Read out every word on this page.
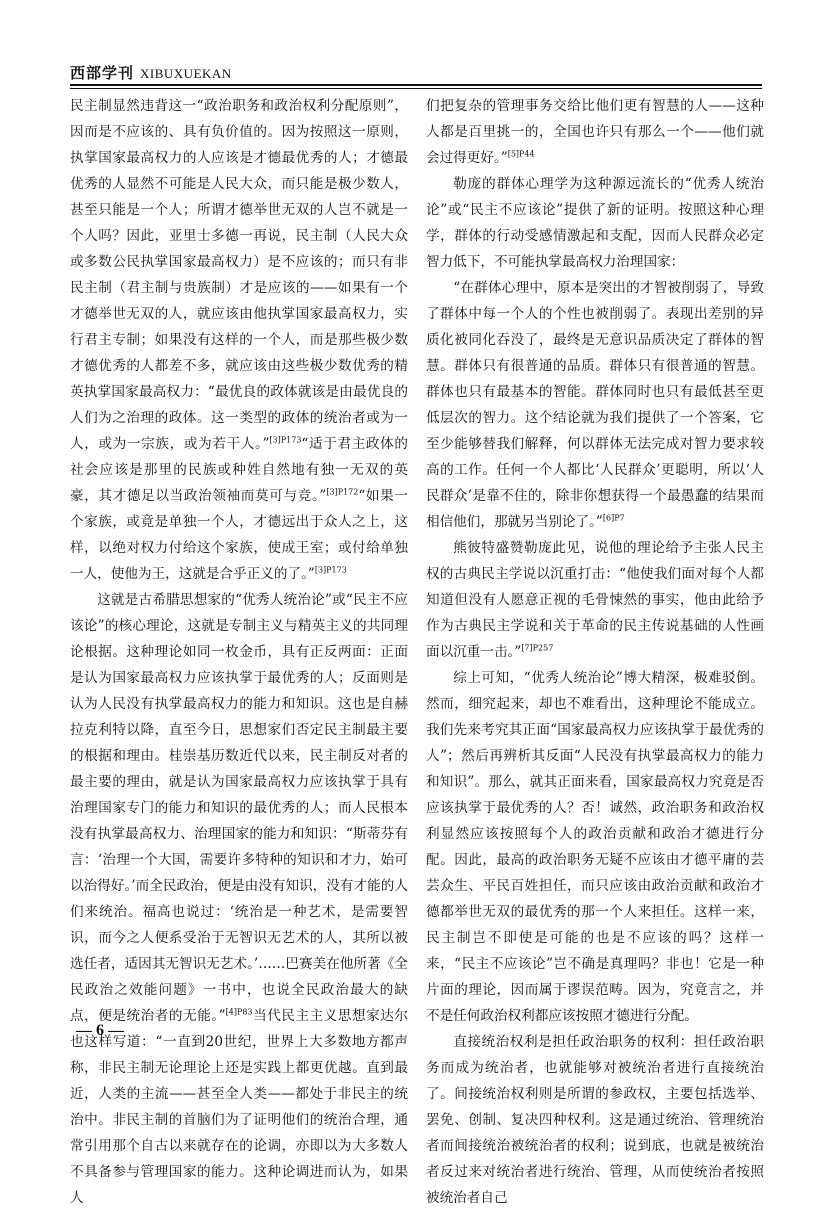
西部学刊 XIBUXUEKAN

民主制显然违背这一“政治职务和政治权利分配原则”，因而是不应该的、具有负价值的。因为按照这一原则，执掌国家最高权力的人应该是才德最优秀的人；才德最优秀的人显然不可能是人民大众，而只能是极少数人，甚至只能是一个人；所谓才德举世无双的人岂不就是一个人吗？因此，亚里士多德一再说，民主制（人民大众或多数公民执掌国家最高权力）是不应该的；而只有非民主制（君主制与贵族制）才是应该的——如果有一个才德举世无双的人，就应该由他执掌国家最高权力，实行君主专制；如果没有这样的一个人，而是那些极少数才德优秀的人都差不多，就应该由这些极少数优秀的精英执掌国家最高权力：“最优良的政体就该是由最优良的人们为之治理的政体。这一类型的政体的统治者或为一人，或为一宗族，或为若干人。”$^{[3]P173}$“适于君主政体的社会应该是那里的民族或种姓自然地有独一无双的英豪，其才德足以当政治领袖而莫可与竞。”$^{[3]P172}$“如果一个家族，或竟是单独一个人，才德远出于众人之上，这样，以绝对权力付给这个家族，使成王室；或付给单独一人，使他为王，这就是合乎正义的了。”$^{[3]P173}$

这就是古希腊思想家的“优秀人统治论”或“民主不应该论”的核心理论，这就是专制主义与精英主义的共同理论根据。这种理论如同一枚金币，具有正反两面：正面是认为国家最高权力应该执掌于最优秀的人；反面则是认为人民没有执掌最高权力的能力和知识。这也是自赫拉克利特以降，直至今日，思想家们否定民主制最主要的根据和理由。桂崇基历数近代以来，民主制反对者的最主要的理由，就是认为国家最高权力应该执掌于具有治理国家专门的能力和知识的最优秀的人；而人民根本没有执掌最高权力、治理国家的能力和知识：“斯蒂芬有言：‘治理一个大国，需要许多特种的知识和才力，始可以治得好。’而全民政治，便是由没有知识，没有才能的人们来统治。福高也说过：‘统治是一种艺术，是需要智识，而今之人便系受治于无智识无艺术的人，其所以被选任者，适因其无智识无艺术。’……巴赛美在他所著《全民政治之效能问题》一书中，也说全民政治最大的缺点，便是统治者的无能。”$^{[4]P83}$当代民主主义思想家达尔也这样写道：“一直到20世纪，世界上大多数地方都声称，非民主制无论理论上还是实践上都更优越。直到最近，人类的主流——甚至全人类——都处于非民主的统治中。非民主制的首脑们为了证明他们的统治合理，通常引用那个自古以来就存在的论调，亦即以为大多数人不具备参与管理国家的能力。这种论调进而认为，如果人

们把复杂的管理事务交给比他们更有智慧的人——这种人都是百里挑一的，全国也许只有那么一个——他们就会过得更好。”$^{[5]P44}$

勒庞的群体心理学为这种源远流长的“优秀人统治论”或“民主不应该论”提供了新的证明。按照这种心理学，群体的行动受感情激起和支配，因而人民群众必定智力低下，不可能执掌最高权力治理国家：

“在群体心理中，原本是突出的才智被削弱了，导致了群体中每一个人的个性也被削弱了。表现出差别的异质化被同化吞没了，最终是无意识品质决定了群体的智慧。群体只有很普通的品质。群体只有很普通的智慧。群体也只有最基本的智能。群体同时也只有最低甚至更低层次的智力。这个结论就为我们提供了一个答案，它至少能够替我们解释，何以群体无法完成对智力要求较高的工作。任何一个人都比‘人民群众’更聪明，所以‘人民群众’是靠不住的，除非你想获得一个最愚蠢的结果而相信他们，那就另当别论了。”$^{[6]P7}$

熊彼特盛赞勒庞此见，说他的理论给予主张人民主权的古典民主学说以沉重打击：“他使我们面对每个人都知道但没有人愿意正视的毛骨悚然的事实，他由此给予作为古典民主学说和关于革命的民主传说基础的人性画面以沉重一击。”$^{[7]P257}$

综上可知，“优秀人统治论”博大精深，极难驳倒。然而，细究起来，却也不难看出，这种理论不能成立。我们先来考究其正面“国家最高权力应该执掌于最优秀的人”；然后再辨析其反面“人民没有执掌最高权力的能力和知识”。那么，就其正面来看，国家最高权力究竟是否应该执掌于最优秀的人？否！诚然，政治职务和政治权利显然应该按照每个人的政治贡献和政治才德进行分配。因此，最高的政治职务无疑不应该由才德平庸的芸芸众生、平民百姓担任，而只应该由政治贡献和政治才德都举世无双的最优秀的那一个人来担任。这样一来，民主制岂不即使是可能的也是不应该的吗？这样一来，“民主不应该论”岂不确是真理吗？非也！它是一种片面的理论，因而属于谬误范畴。因为，究竟言之，并不是任何政治权利都应该按照才德进行分配。

直接统治权利是担任政治职务的权利：担任政治职务而成为统治者，也就能够对被统治者进行直接统治了。间接统治权利则是所谓的参政权，主要包括选举、罢免、创制、复决四种权利。这是通过统治、管理统治者而间接统治被统治者的权利；说到底，也就是被统治者反过来对统治者进行统治、管理，从而使统治者按照被统治者自己

— 6 —
